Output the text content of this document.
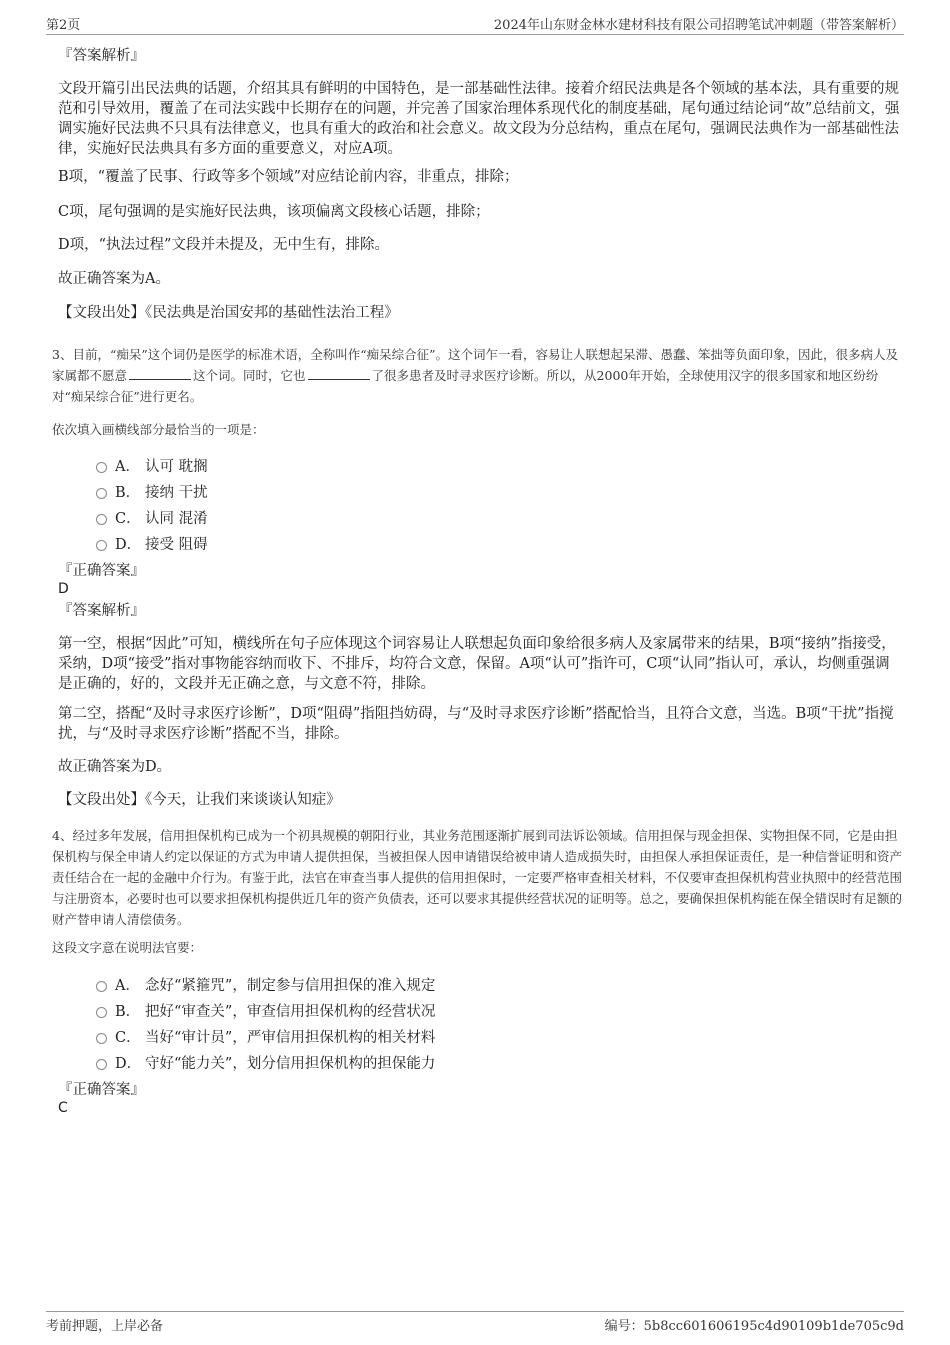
第2页	2024年山东财金林水建材科技有限公司招聘笔试冲刺题（带答案解析）
『答案解析』
文段开篇引出民法典的话题，介绍其具有鲜明的中国特色，是一部基础性法律。接着介绍民法典是各个领域的基本法，具有重要的规范和引导效用，覆盖了在司法实践中长期存在的问题，并完善了国家治理体系现代化的制度基础，尾句通过结论词“故”总结前文，强调实施好民法典不只具有法律意义，也具有重大的政治和社会意义。故文段为分总结构，重点在尾句，强调民法典作为一部基础性法律，实施好民法典具有多方面的重要意义，对应A项。
B项，“覆盖了民事、行政等多个领域”对应结论前内容，非重点，排除；
C项，尾句强调的是实施好民法典，该项偏离文段核心话题，排除；
D项，“执法过程”文段并未提及，无中生有，排除。
故正确答案为A。
【文段出处】《民法典是治国安邦的基础性法治工程》
3、目前，“痴呆”这个词仍是医学的标准术语，全称叫作“痴呆综合征”。这个词乍一看，容易让人联想起呆滞、愚蠢、笨拙等负面印象，因此，很多病人及家属都不愿意	这个词。同时，它也	了很多患者及时寻求医疗诊断。所以，从2000年开始，全球使用汉字的很多国家和地区纷纷对“痴呆综合征”进行更名。
依次填入画横线部分最恰当的一项是：
A． 认可 耽搁
B． 接纳 干扰
C． 认同 混淆
D． 接受 阻碍
『正确答案』
D
『答案解析』
第一空，根据“因此”可知，横线所在句子应体现这个词容易让人联想起负面印象给很多病人及家属带来的结果，B项“接纳”指接受，采纳，D项“接受”指对事物能容纳而收下、不排斥，均符合文意，保留。A项“认可”指许可，C项“认同”指认可，承认，均侧重强调是正确的，好的，文段并无正确之意，与文意不符，排除。
第二空，搭配“及时寻求医疗诊断”，D项“阻碍”指阻挡妨碍，与“及时寻求医疗诊断”搭配恰当，且符合文意，当选。B项“干扰”指搅扰，与“及时寻求医疗诊断”搭配不当，排除。
故正确答案为D。
【文段出处】《今天，让我们来谈谈认知症》
4、经过多年发展，信用担保机构已成为一个初具规模的朝阳行业，其业务范围逐渐扩展到司法诉讼领域。信用担保与现金担保、实物担保不同，它是由担保机构与保全申请人约定以保证的方式为申请人提供担保，当被担保人因申请错误给被申请人造成损失时，由担保人承担保证责任，是一种信誉证明和资产责任结合在一起的金融中介行为。有鉴于此，法官在审查当事人提供的信用担保时，一定要严格审查相关材料，不仅要审查担保机构营业执照中的经营范围与注册资本，必要时也可以要求担保机构提供近几年的资产负债表，还可以要求其提供经营状况的证明等。总之，要确保担保机构能在保全错误时有足额的财产替申请人清偿债务。
这段文字意在说明法官要：
A． 念好“紧箍咒”，制定参与信用担保的准入规定
B． 把好“审查关”，审查信用担保机构的经营状况
C． 当好“审计员”，严审信用担保机构的相关材料
D． 守好“能力关”，划分信用担保机构的担保能力
『正确答案』
C
考前押题，上岸必备	编号：5b8cc601606195c4d90109b1de705c9d
